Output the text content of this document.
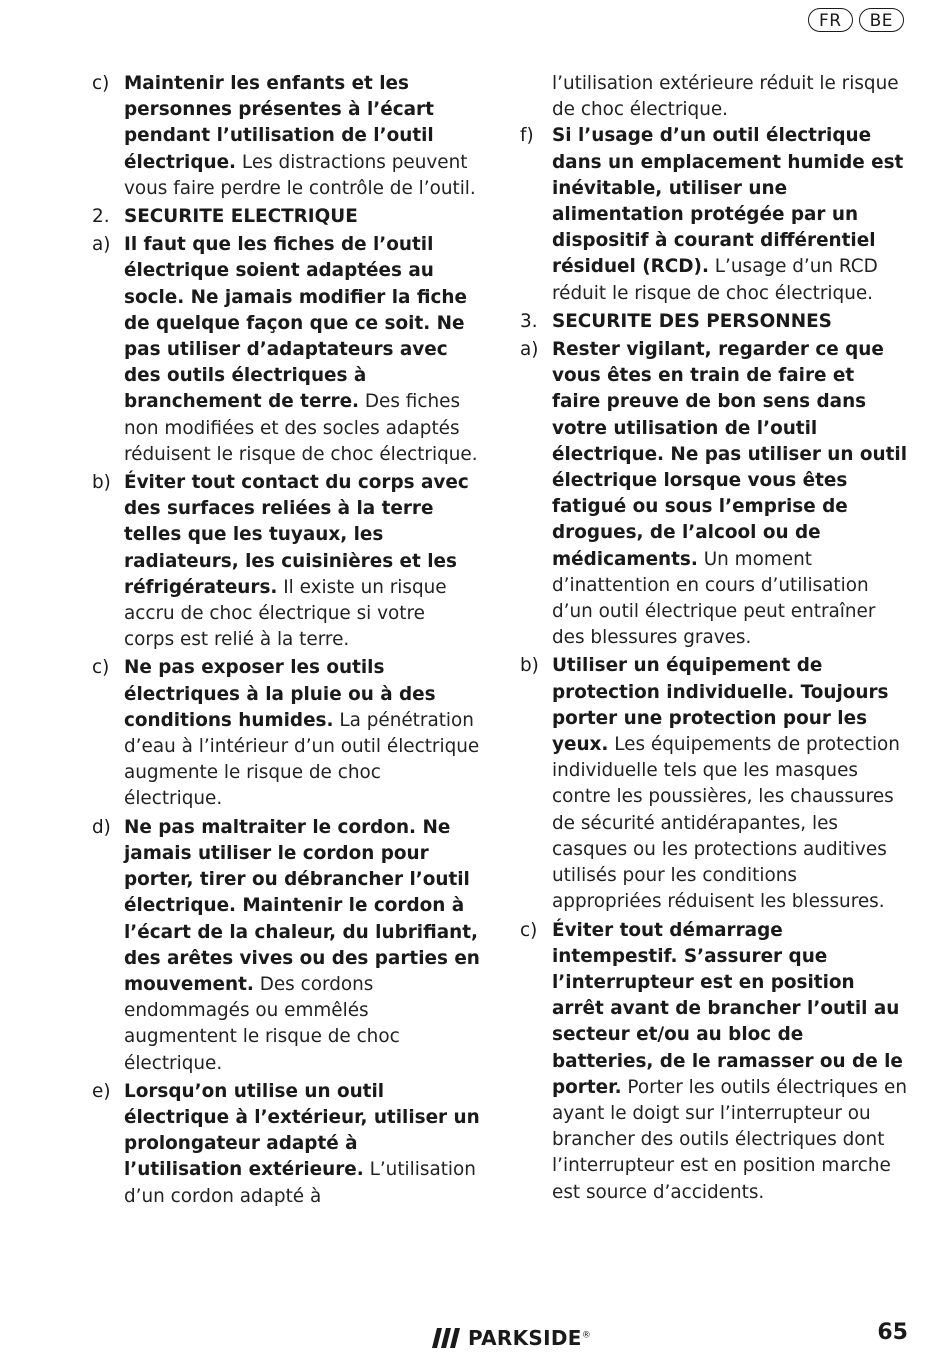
FR	BE
c) Maintenir les enfants et les personnes présentes à l’écart pendant l’utilisation de l’outil électrique. Les distractions peuvent vous faire perdre le contrôle de l’outil.
2. SECURITE ELECTRIQUE
a) Il faut que les fiches de l’outil électrique soient adaptées au socle. Ne jamais modifier la fiche de quelque façon que ce soit. Ne pas utiliser d’adaptateurs avec des outils électriques à branchement de terre. Des fiches non modifiées et des socles adaptés réduisent le risque de choc électrique.
b) Éviter tout contact du corps avec des surfaces reliées à la terre telles que les tuyaux, les radiateurs, les cuisinières et les réfrigérateurs. Il existe un risque accru de choc électrique si votre corps est relié à la terre.
c) Ne pas exposer les outils électriques à la pluie ou à des conditions humides. La pénétration d’eau à l’intérieur d’un outil électrique augmente le risque de choc électrique.
d) Ne pas maltraiter le cordon. Ne jamais utiliser le cordon pour porter, tirer ou débrancher l’outil électrique. Maintenir le cordon à l’écart de la chaleur, du lubrifiant, des arêtes vives ou des parties en mouvement. Des cordons endommagés ou emmêlés augmentent le risque de choc électrique.
e) Lorsqu’on utilise un outil électrique à l’extérieur, utiliser un prolongateur adapté à l’utilisation extérieure. L’utilisation d’un cordon adapté à
l’utilisation extérieure réduit le risque de choc électrique.
f) Si l’usage d’un outil électrique dans un emplacement humide est inévitable, utiliser une alimentation protégée par un dispositif à courant différentiel résiduel (RCD). L’usage d’un RCD réduit le risque de choc électrique.
3. SECURITE DES PERSONNES
a) Rester vigilant, regarder ce que vous êtes en train de faire et faire preuve de bon sens dans votre utilisation de l’outil électrique. Ne pas utiliser un outil électrique lorsque vous êtes fatigué ou sous l’emprise de drogues, de l’alcool ou de médicaments. Un moment d’inattention en cours d’utilisation d’un outil électrique peut entraîner des blessures graves.
b) Utiliser un équipement de protection individuelle. Toujours porter une protection pour les yeux. Les équipements de protection individuelle tels que les masques contre les poussières, les chaussures de sécurité antidérapantes, les casques ou les protections auditives utilisés pour les conditions appropriées réduisent les blessures.
c) Éviter tout démarrage intempestif. S’assurer que l’interrupteur est en position arrêt avant de brancher l’outil au secteur et/ou au bloc de batteries, de le ramasser ou de le porter. Porter les outils électriques en ayant le doigt sur l’interrupteur ou brancher des outils électriques dont l’interrupteur est en position marche est source d’accidents.
PARKSIDE®	65
